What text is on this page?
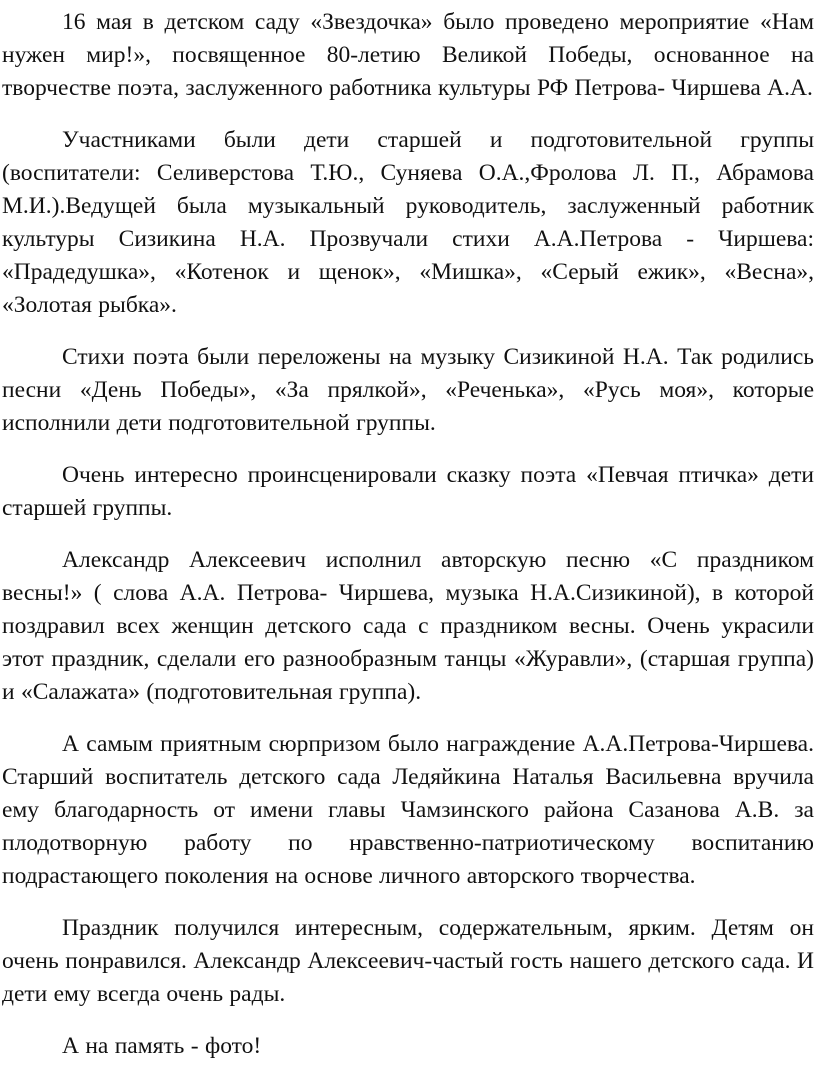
16 мая в детском саду «Звездочка» было проведено мероприятие «Нам нужен мир!», посвященное 80-летию Великой Победы, основанное на творчестве поэта, заслуженного работника культуры РФ Петрова- Чиршева А.А.

Участниками были дети старшей и подготовительной группы (воспитатели: Селиверстова Т.Ю., Суняева О.А.,Фролова Л. П., Абрамова М.И.).Ведущей была музыкальный руководитель, заслуженный работник культуры Сизикина Н.А. Прозвучали стихи А.А.Петрова - Чиршева: «Прадедушка», «Котенок и щенок», «Мишка», «Серый ежик», «Весна», «Золотая рыбка».

Стихи поэта были переложены на музыку Сизикиной Н.А. Так родились песни «День Победы», «За прялкой», «Реченька», «Русь моя», которые исполнили дети подготовительной группы.

Очень интересно проинсценировали сказку поэта «Певчая птичка» дети старшей группы.

Александр Алексеевич исполнил авторскую песню «С праздником весны!» ( слова А.А. Петрова- Чиршева, музыка Н.А.Сизикиной), в которой поздравил всех женщин детского сада с праздником весны. Очень украсили этот праздник, сделали его разнообразным танцы «Журавли», (старшая группа) и «Салажата» (подготовительная группа).

А самым приятным сюрпризом было награждение А.А.Петрова-Чиршева. Старший воспитатель детского сада Ледяйкина Наталья Васильевна вручила ему благодарность от имени главы Чамзинского района Сазанова А.В. за плодотворную работу по нравственно-патриотическому воспитанию подрастающего поколения на основе личного авторского творчества.

Праздник получился интересным, содержательным, ярким. Детям он очень понравился. Александр Алексеевич-частый гость нашего детского сада. И дети ему всегда очень рады.

А на память - фото!
